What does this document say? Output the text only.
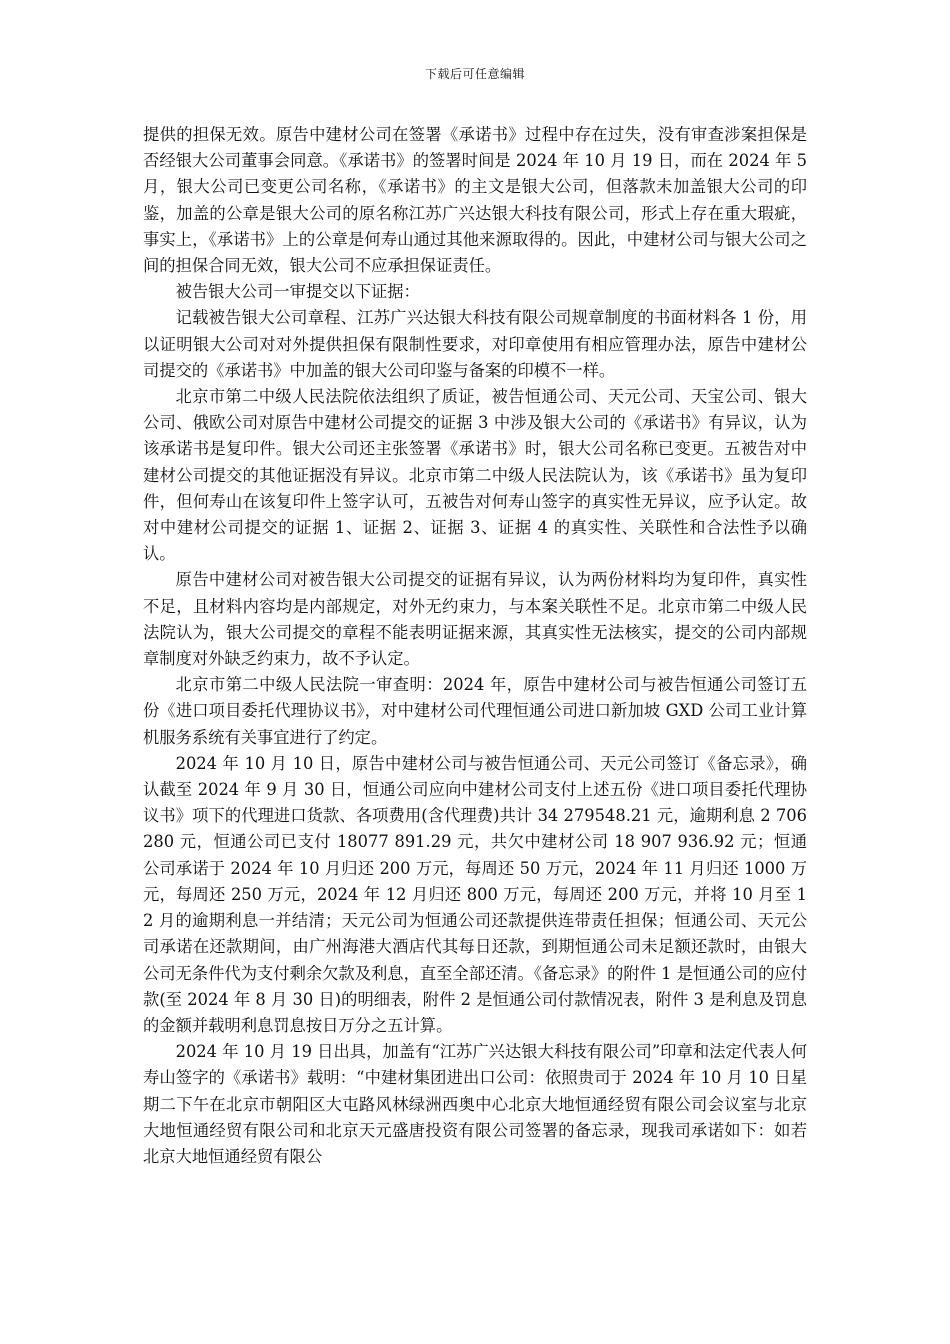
下载后可任意编辑

提供的担保无效。原告中建材公司在签署《承诺书》过程中存在过失，没有审查涉案担保是否经银大公司董事会同意。《承诺书》的签署时间是 2024 年 10 月 19 日，而在 2024 年 5 月，银大公司已变更公司名称，《承诺书》的主文是银大公司，但落款未加盖银大公司的印鉴，加盖的公章是银大公司的原名称江苏广兴达银大科技有限公司，形式上存在重大瑕疵，事实上，《承诺书》上的公章是何寿山通过其他来源取得的。因此，中建材公司与银大公司之间的担保合同无效，银大公司不应承担保证责任。

被告银大公司一审提交以下证据：

记载被告银大公司章程、江苏广兴达银大科技有限公司规章制度的书面材料各 1 份，用以证明银大公司对对外提供担保有限制性要求，对印章使用有相应管理办法，原告中建材公司提交的《承诺书》中加盖的银大公司印鉴与备案的印模不一样。

北京市第二中级人民法院依法组织了质证，被告恒通公司、天元公司、天宝公司、银大公司、俄欧公司对原告中建材公司提交的证据 3 中涉及银大公司的《承诺书》有异议，认为该承诺书是复印件。银大公司还主张签署《承诺书》时，银大公司名称已变更。五被告对中建材公司提交的其他证据没有异议。北京市第二中级人民法院认为，该《承诺书》虽为复印件，但何寿山在该复印件上签字认可，五被告对何寿山签字的真实性无异议，应予认定。故对中建材公司提交的证据 1、证据 2、证据 3、证据 4 的真实性、关联性和合法性予以确认。

原告中建材公司对被告银大公司提交的证据有异议，认为两份材料均为复印件，真实性不足，且材料内容均是内部规定，对外无约束力，与本案关联性不足。北京市第二中级人民法院认为，银大公司提交的章程不能表明证据来源，其真实性无法核实，提交的公司内部规章制度对外缺乏约束力，故不予认定。

北京市第二中级人民法院一审查明：2024 年，原告中建材公司与被告恒通公司签订五份《进口项目委托代理协议书》，对中建材公司代理恒通公司进口新加坡 GXD 公司工业计算机服务系统有关事宜进行了约定。

2024 年 10 月 10 日，原告中建材公司与被告恒通公司、天元公司签订《备忘录》，确认截至 2024 年 9 月 30 日，恒通公司应向中建材公司支付上述五份《进口项目委托代理协议书》项下的代理进口货款、各项费用(含代理费)共计 34 279548.21 元，逾期利息 2 706 280 元，恒通公司已支付 18077 891.29 元，共欠中建材公司 18 907 936.92 元；恒通公司承诺于 2024 年 10 月归还 200 万元，每周还 50 万元，2024 年 11 月归还 1000 万元，每周还 250 万元，2024 年 12 月归还 800 万元，每周还 200 万元，并将 10 月至 12 月的逾期利息一并结清；天元公司为恒通公司还款提供连带责任担保；恒通公司、天元公司承诺在还款期间，由广州海港大酒店代其每日还款，到期恒通公司未足额还款时，由银大公司无条件代为支付剩余欠款及利息，直至全部还清。《备忘录》的附件 1 是恒通公司的应付款(至 2024 年 8 月 30 日)的明细表，附件 2 是恒通公司付款情况表，附件 3 是利息及罚息的金额并载明利息罚息按日万分之五计算。

2024 年 10 月 19 日出具，加盖有“江苏广兴达银大科技有限公司”印章和法定代表人何寿山签字的《承诺书》载明：“中建材集团进出口公司：依照贵司于 2024 年 10 月 10 日星期二下午在北京市朝阳区大屯路风林绿洲西奥中心北京大地恒通经贸有限公司会议室与北京大地恒通经贸有限公司和北京天元盛唐投资有限公司签署的备忘录，现我司承诺如下：如若北京大地恒通经贸有限公
